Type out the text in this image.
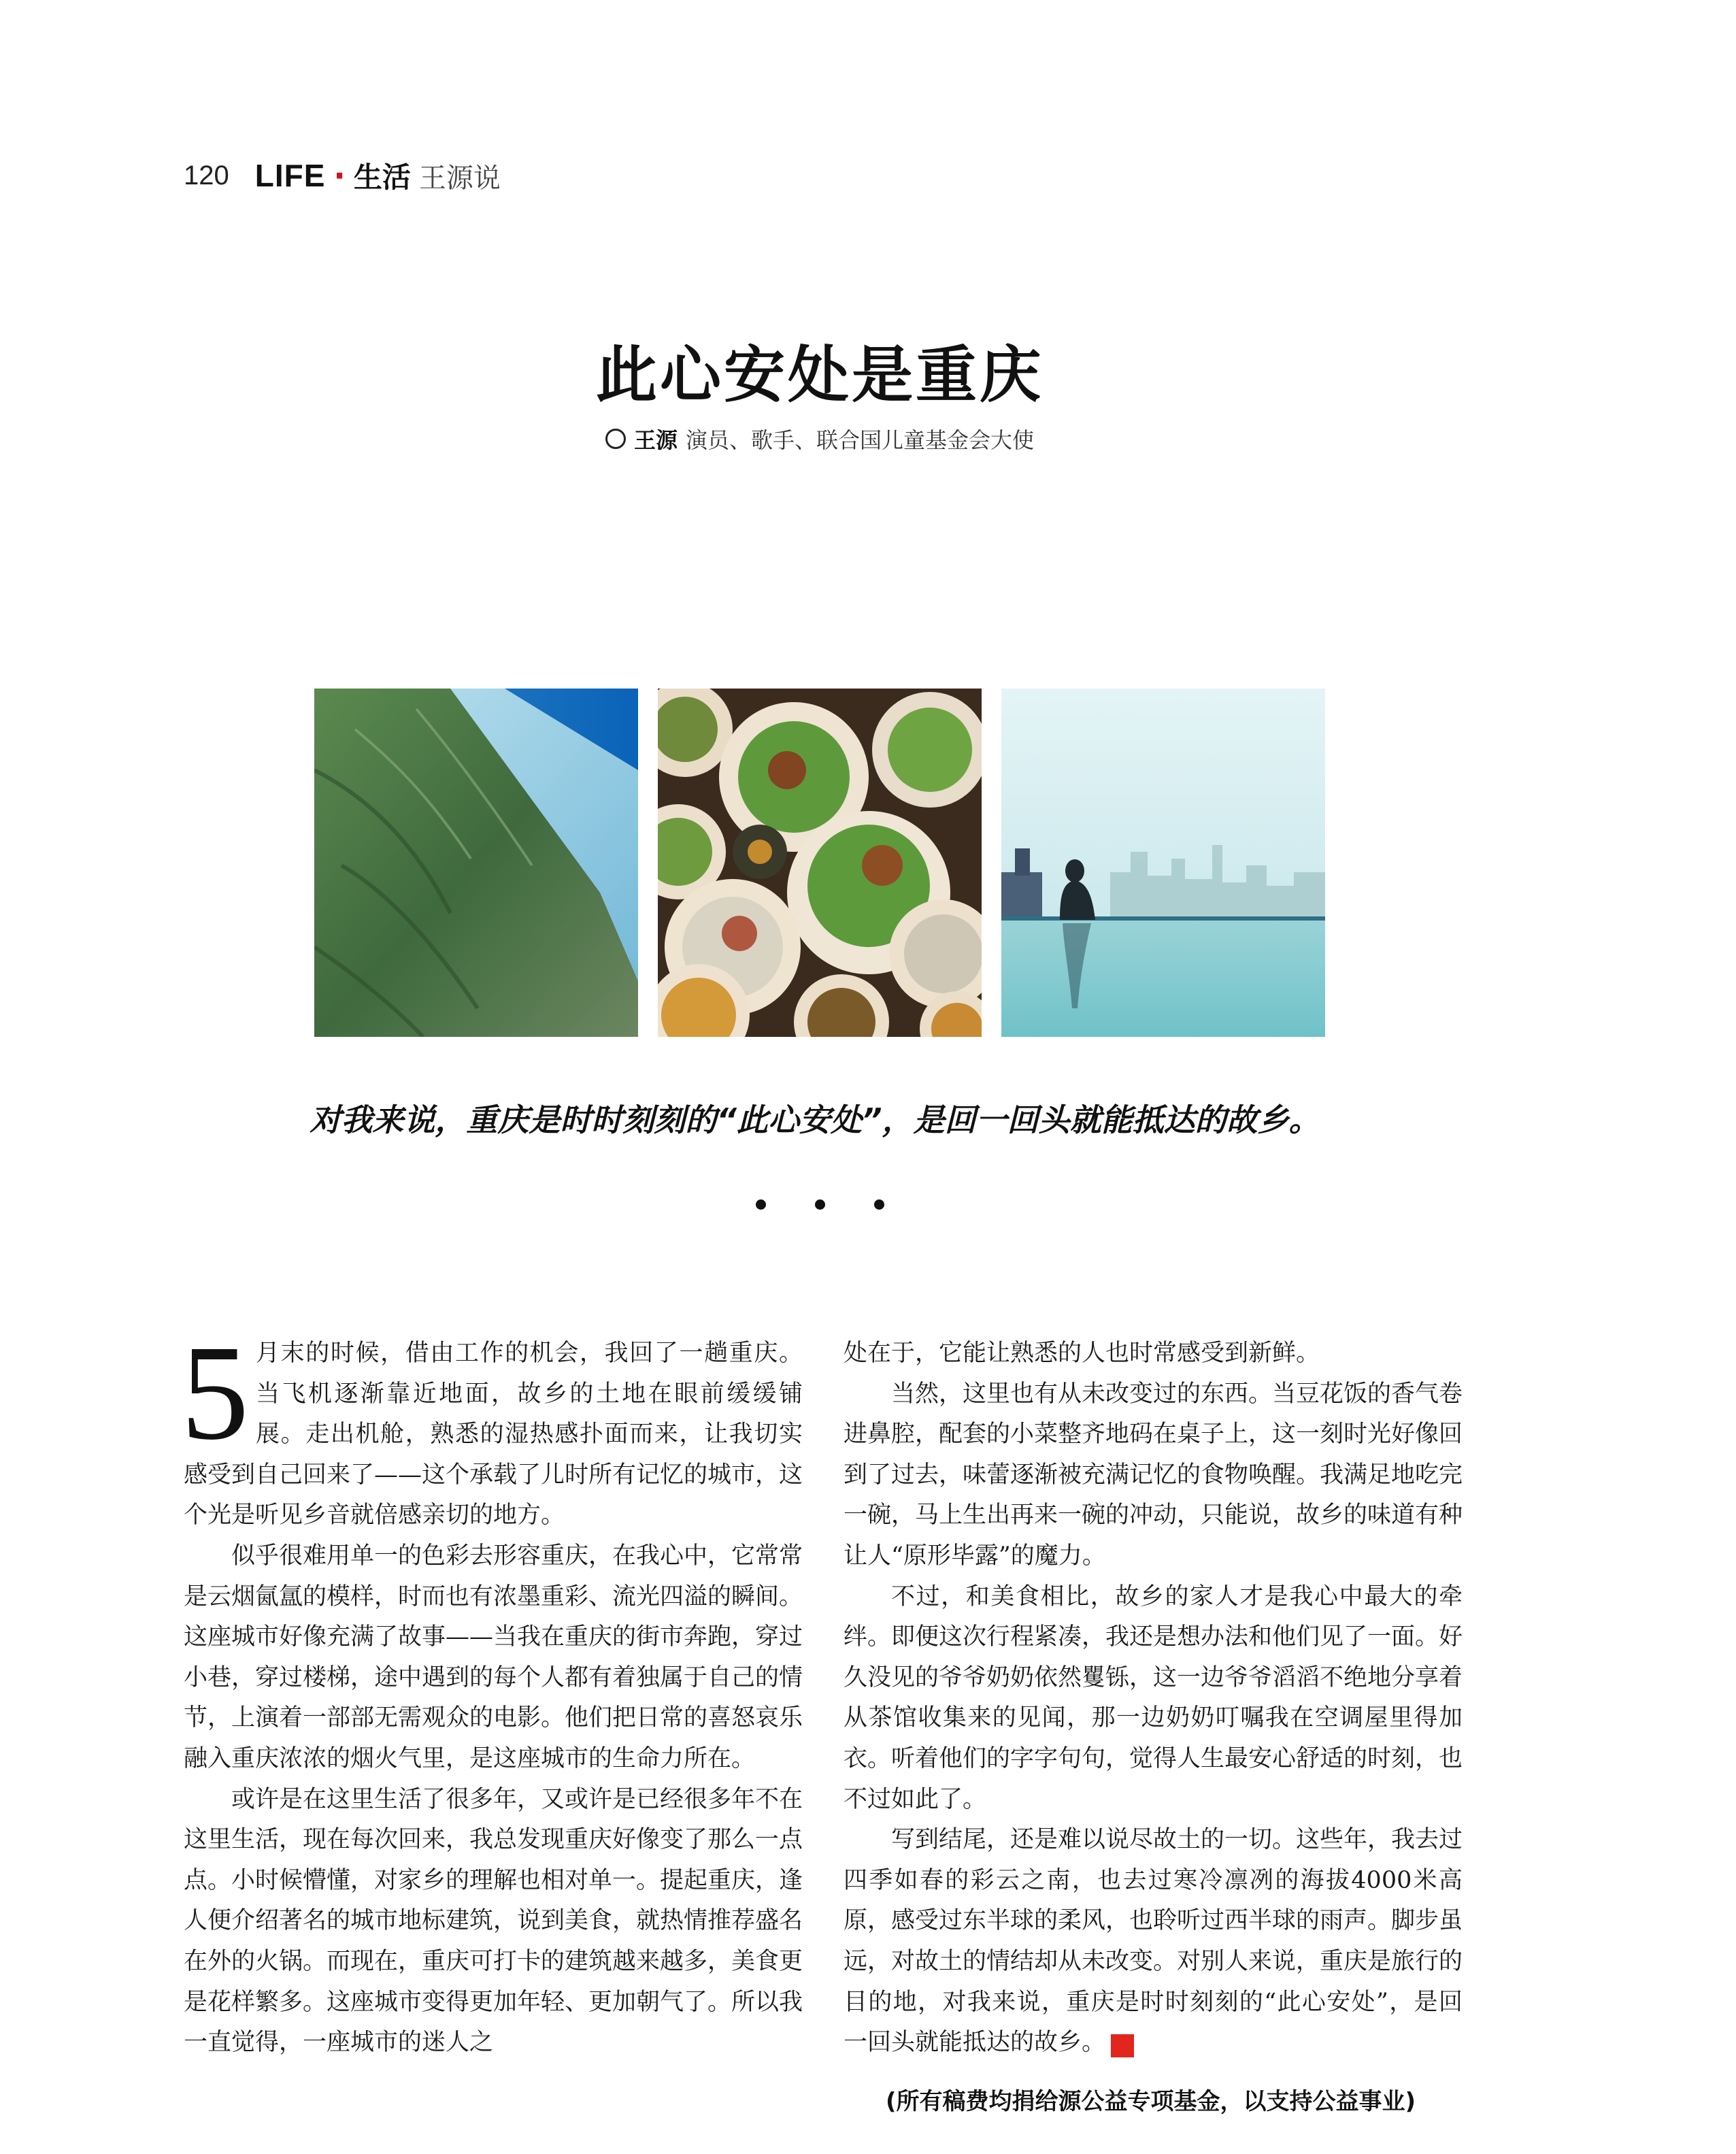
120 LIFE · 生活 王源说
此心安处是重庆
王源 演员、歌手、联合国儿童基金会大使
对我来说，重庆是时时刻刻的“此心安处”，是回一回头就能抵达的故乡。

5 月末的时候，借由工作的机会，我回了一趟重庆。当飞机逐渐靠近地面，故乡的土地在眼前缓缓铺展。走出机舱，熟悉的湿热感扑面而来，让我切实感受到自己回来了——这个承载了儿时所有记忆的城市，这个光是听见乡音就倍感亲切的地方。

似乎很难用单一的色彩去形容重庆，在我心中，它常常是云烟氤氲的模样，时而也有浓墨重彩、流光四溢的瞬间。这座城市好像充满了故事——当我在重庆的街市奔跑，穿过小巷，穿过楼梯，途中遇到的每个人都有着独属于自己的情节，上演着一部部无需观众的电影。他们把日常的喜怒哀乐融入重庆浓浓的烟火气里，是这座城市的生命力所在。

或许是在这里生活了很多年，又或许是已经很多年不在这里生活，现在每次回来，我总发现重庆好像变了那么一点点。小时候懵懂，对家乡的理解也相对单一。提起重庆，逢人便介绍著名的城市地标建筑，说到美食，就热情推荐盛名在外的火锅。而现在，重庆可打卡的建筑越来越多，美食更是花样繁多。这座城市变得更加年轻、更加朝气了。所以我一直觉得，一座城市的迷人之

处在于，它能让熟悉的人也时常感受到新鲜。

当然，这里也有从未改变过的东西。当豆花饭的香气卷进鼻腔，配套的小菜整齐地码在桌子上，这一刻时光好像回到了过去，味蕾逐渐被充满记忆的食物唤醒。我满足地吃完一碗，马上生出再来一碗的冲动，只能说，故乡的味道有种让人“原形毕露”的魔力。

不过，和美食相比，故乡的家人才是我心中最大的牵绊。即便这次行程紧凑，我还是想办法和他们见了一面。好久没见的爷爷奶奶依然矍铄，这一边爷爷滔滔不绝地分享着从茶馆收集来的见闻，那一边奶奶叮嘱我在空调屋里得加衣。听着他们的字字句句，觉得人生最安心舒适的时刻，也不过如此了。

写到结尾，还是难以说尽故土的一切。这些年，我去过四季如春的彩云之南，也去过寒冷凛冽的海拔4000米高原，感受过东半球的柔风，也聆听过西半球的雨声。脚步虽远，对故土的情结却从未改变。对别人来说，重庆是旅行的目的地，对我来说，重庆是时时刻刻的“此心安处”，是回一回头就能抵达的故乡。	G

(所有稿费均捐给源公益专项基金，以支持公益事业)
